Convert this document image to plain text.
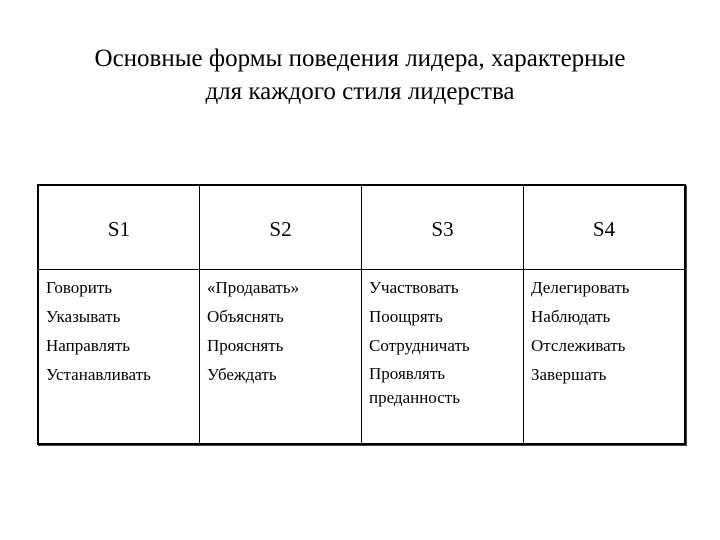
Основные формы поведения лидера, характерные
для каждого стиля лидерства
S1
Говорить
Указывать
Направлять
Устанавливать
S2
«Продавать»
Объяснять
Прояснять
Убеждать
S3
Участвовать
Поощрять
Сотрудничать
Проявлять преданность
S4
Делегировать
Наблюдать
Отслеживать
Завершать
